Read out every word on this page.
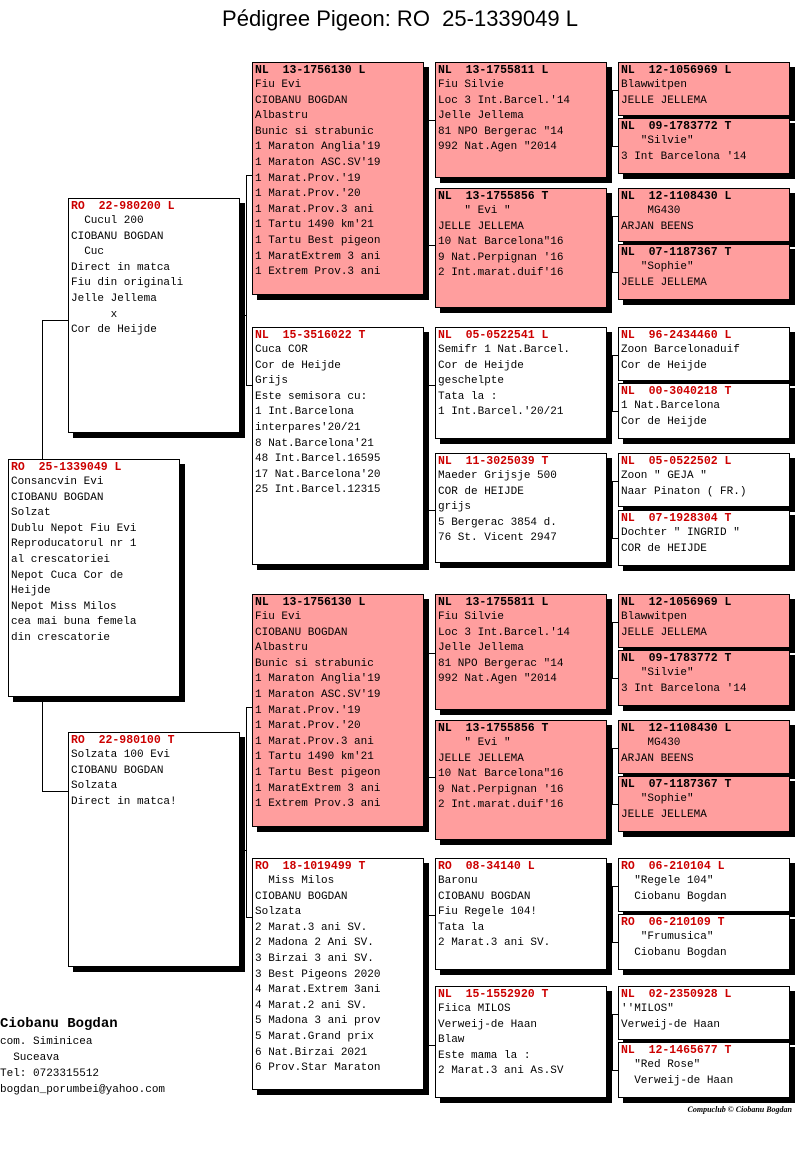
Pédigree Pigeon: RO  25-1339049 L
RO  25-1339049 L
Consancvin Evi
CIOBANU BOGDAN
Solzat
Dublu Nepot Fiu Evi
Reproducatorul nr 1
al crescatoriei
Nepot Cuca Cor de
Heijde
Nepot Miss Milos
cea mai buna femela
din crescatorie
RO  22-980200 L
Cucul 200
CIOBANU BOGDAN
Cuc
Direct in matca
Fiu din originali
Jelle Jellema
x
Cor de Heijde
RO  22-980100 T
Solzata 100 Evi
CIOBANU BOGDAN
Solzata
Direct in matca!
NL  13-1756130 L
Fiu Evi
CIOBANU BOGDAN
Albastru
Bunic si strabunic
1 Maraton Anglia'19
1 Maraton ASC.SV'19
1 Marat.Prov.'19
1 Marat.Prov.'20
1 Marat.Prov.3 ani
1 Tartu 1490 km'21
1 Tartu Best pigeon
1 MaratExtrem 3 ani
1 Extrem Prov.3 ani
NL  15-3516022 T
Cuca COR
Cor de Heijde
Grijs
Este semisora cu:
1 Int.Barcelona
interpares'20/21
8 Nat.Barcelona'21
48 Int.Barcel.16595
17 Nat.Barcelona'20
25 Int.Barcel.12315
NL  13-1756130 L
Fiu Evi
CIOBANU BOGDAN
Albastru
Bunic si strabunic
1 Maraton Anglia'19
1 Maraton ASC.SV'19
1 Marat.Prov.'19
1 Marat.Prov.'20
1 Marat.Prov.3 ani
1 Tartu 1490 km'21
1 Tartu Best pigeon
1 MaratExtrem 3 ani
1 Extrem Prov.3 ani
RO  18-1019499 T
Miss Milos
CIOBANU BOGDAN
Solzata
2 Marat.3 ani SV.
2 Madona 2 Ani SV.
3 Birzai 3 ani SV.
3 Best Pigeons 2020
4 Marat.Extrem 3ani
4 Marat.2 ani SV.
5 Madona 3 ani prov
5 Marat.Grand prix
6 Nat.Birzai 2021
6 Prov.Star Maraton
NL  13-1755811 L
Fiu Silvie
Loc 3 Int.Barcel.'14
Jelle Jellema
81 NPO Bergerac "14
992 Nat.Agen "2014
NL  13-1755856 T
" Evi "
JELLE JELLEMA
10 Nat Barcelona"16
9 Nat.Perpignan '16
2 Int.marat.duif'16
NL  05-0522541 L
Semifr 1 Nat.Barcel.
Cor de Heijde
geschelpte
Tata la :
1 Int.Barcel.'20/21
NL  11-3025039 T
Maeder Grijsje 500
COR de HEIJDE
grijs
5 Bergerac 3854 d.
76 St. Vicent 2947
NL  13-1755811 L
Fiu Silvie
Loc 3 Int.Barcel.'14
Jelle Jellema
81 NPO Bergerac "14
992 Nat.Agen "2014
NL  13-1755856 T
" Evi "
JELLE JELLEMA
10 Nat Barcelona"16
9 Nat.Perpignan '16
2 Int.marat.duif'16
RO  08-34140 L
Baronu
CIOBANU BOGDAN
Fiu Regele 104!
Tata la
2 Marat.3 ani SV.
NL  15-1552920 T
Fiica MILOS
Verweij-de Haan
Blaw
Este mama la :
2 Marat.3 ani As.SV
NL  12-1056969 L
Blawwitpen
JELLE JELLEMA
NL  09-1783772 T
"Silvie"
3 Int Barcelona '14
NL  12-1108430 L
MG430
ARJAN BEENS
NL  07-1187367 T
"Sophie"
JELLE JELLEMA
NL  96-2434460 L
Zoon Barcelonaduif
Cor de Heijde
NL  00-3040218 T
1 Nat.Barcelona
Cor de Heijde
NL  05-0522502 L
Zoon " GEJA "
Naar Pinaton ( FR.)
NL  07-1928304 T
Dochter " INGRID "
COR de HEIJDE
NL  12-1056969 L
Blawwitpen
JELLE JELLEMA
NL  09-1783772 T
"Silvie"
3 Int Barcelona '14
NL  12-1108430 L
MG430
ARJAN BEENS
NL  07-1187367 T
"Sophie"
JELLE JELLEMA
RO  06-210104 L
"Regele 104"
Ciobanu Bogdan
RO  06-210109 T
"Frumusica"
Ciobanu Bogdan
NL  02-2350928 L
''MILOS"
Verweij-de Haan
NL  12-1465677 T
"Red Rose"
Verweij-de Haan
Ciobanu Bogdan
com. Siminicea
Suceava
Tel: 0723315512
bogdan_porumbei@yahoo.com
Compuclub © Ciobanu Bogdan
